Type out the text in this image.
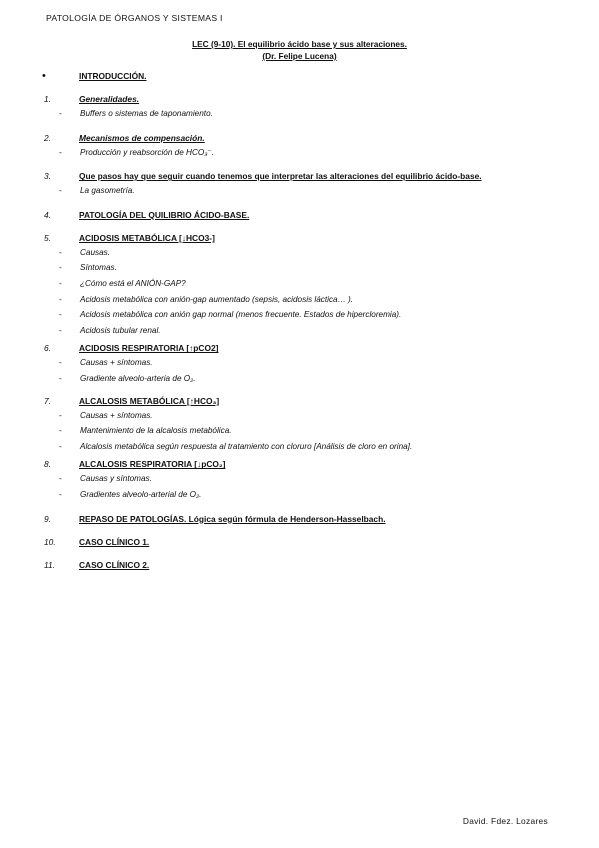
PATOLOGÍA DE ÓRGANOS Y SISTEMAS I
LEC (9-10). El equilibrio ácido base y sus alteraciones.
(Dr. Felipe Lucena)
•	INTRODUCCIÓN.
1.	Generalidades.
- Buffers o sistemas de taponamiento.
2.	Mecanismos de compensación.
- Producción y reabsorción de HCO₃⁻.
3.	Que pasos hay que seguir cuando tenemos que interpretar las alteraciones del equilibrio ácido-base.
- La gasometría.
4.	PATOLOGÍA DEL QUILIBRIO ÁCIDO-BASE.
5.	ACIDOSIS METABÓLICA [↓HCO3-]
- Causas.
- Síntomas.
- ¿Cómo está el ANIÓN-GAP?
- Acidosis metabólica con anión-gap aumentado (sepsis, acidosis láctica… ).
- Acidosis metabólica con anión gap normal (menos frecuente. Estados de hipercloremia).
- Acidosis tubular renal.
6.	ACIDOSIS RESPIRATORIA [↑pCO2]
- Causas + síntomas.
- Gradiente alveolo-arteria de O₂.
7.	ALCALOSIS METABÓLICA [↑HCO₃]
- Causas + síntomas.
- Mantenimiento de la alcalosis metabólica.
- Alcalosis metabólica según respuesta al tratamiento con cloruro [Análisis de cloro en orina].
8.	ALCALOSIS RESPIRATORIA [↓pCO₂]
- Causas y síntomas.
- Gradientes alveolo-arterial de O₂.
9.	REPASO DE PATOLOGÍAS. Lógica según fórmula de Henderson-Hasselbach.
10.	CASO CLÍNICO 1.
11.	CASO CLÍNICO 2.
David. Fdez. Lozares
